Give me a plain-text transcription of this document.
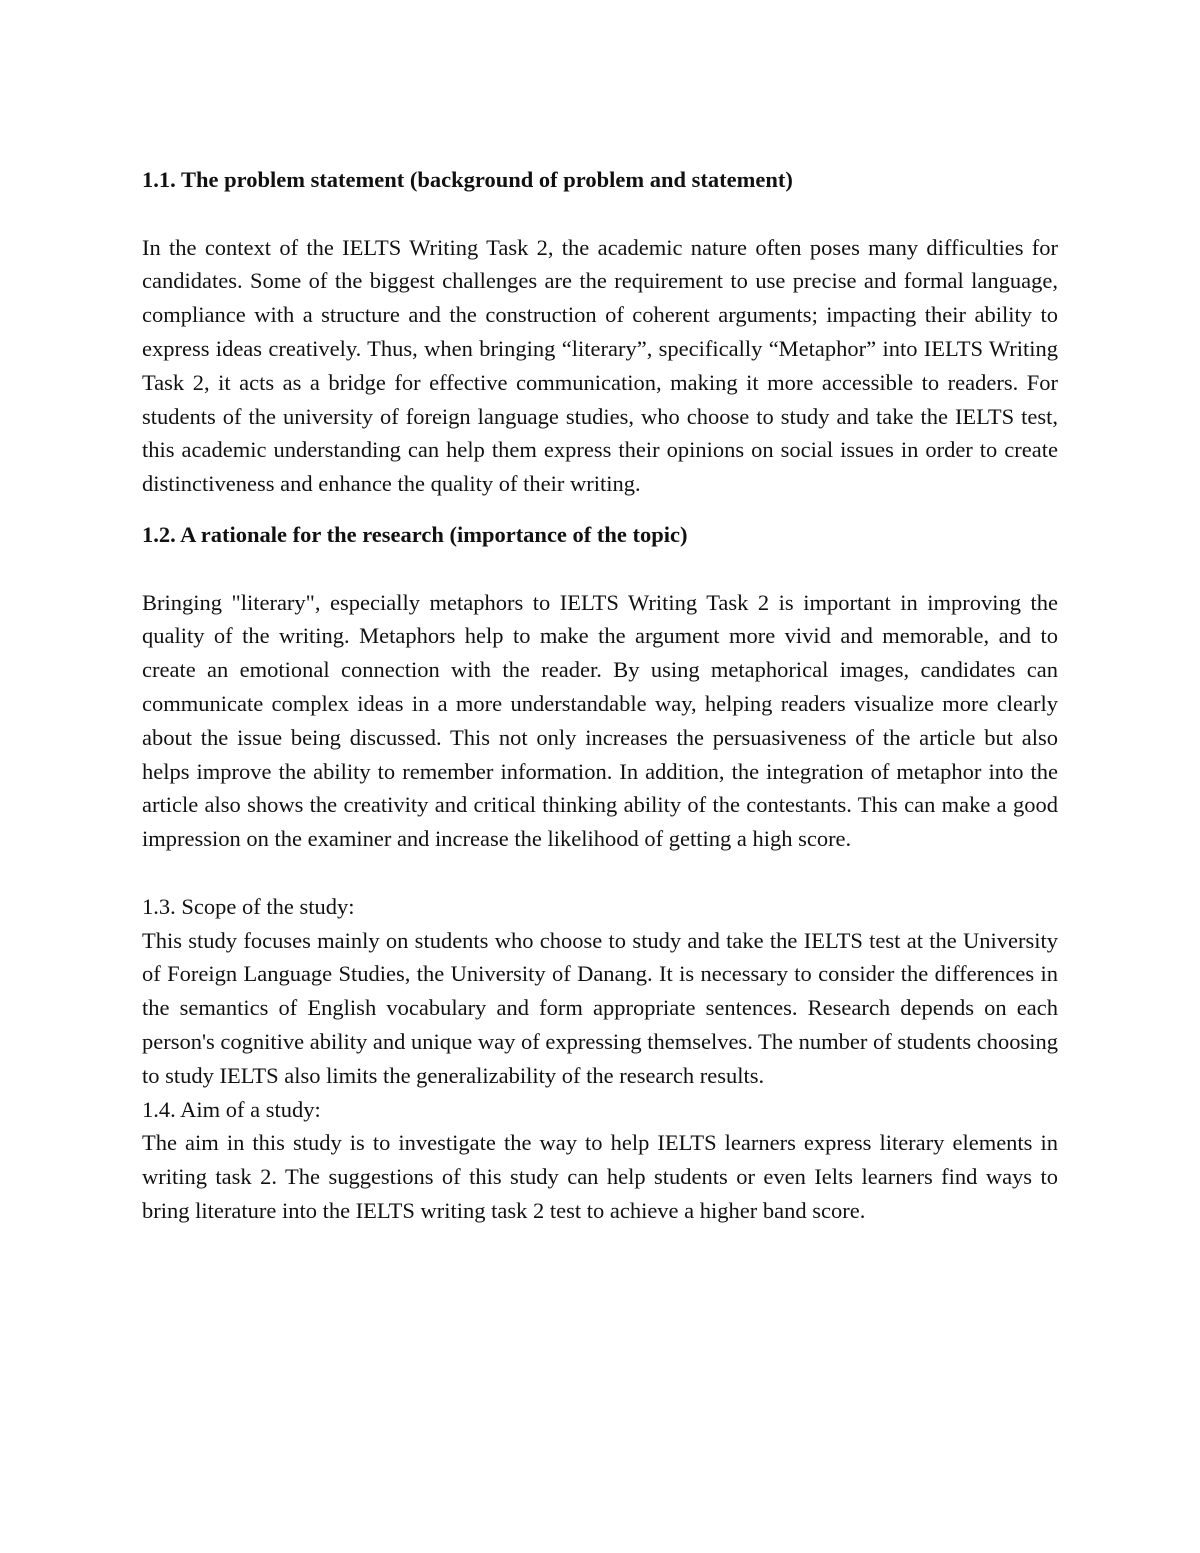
1.1. The problem statement (background of problem and statement)

In the context of the IELTS Writing Task 2, the academic nature often poses many difficulties for candidates. Some of the biggest challenges are the requirement to use precise and formal language, compliance with a structure and the construction of coherent arguments; impacting their ability to express ideas creatively. Thus, when bringing “literary”, specifically “Metaphor” into IELTS Writing Task 2, it acts as a bridge for effective communication, making it more accessible to readers. For students of the university of foreign language studies, who choose to study and take the IELTS test, this academic understanding can help them express their opinions on social issues in order to create distinctiveness and enhance the quality of their writing.

1.2. A rationale for the research (importance of the topic)

Bringing "literary", especially metaphors to IELTS Writing Task 2 is important in improving the quality of the writing. Metaphors help to make the argument more vivid and memorable, and to create an emotional connection with the reader. By using metaphorical images, candidates can communicate complex ideas in a more understandable way, helping readers visualize more clearly about the issue being discussed. This not only increases the persuasiveness of the article but also helps improve the ability to remember information. In addition, the integration of metaphor into the article also shows the creativity and critical thinking ability of the contestants. This can make a good impression on the examiner and increase the likelihood of getting a high score.

1.3. Scope of the study:

This study focuses mainly on students who choose to study and take the IELTS test at the University of Foreign Language Studies, the University of Danang. It is necessary to consider the differences in the semantics of English vocabulary and form appropriate sentences. Research depends on each person's cognitive ability and unique way of expressing themselves. The number of students choosing to study IELTS also limits the generalizability of the research results.

1.4. Aim of a study:

The aim in this study is to investigate the way to help IELTS learners express literary elements in writing task 2. The suggestions of this study can help students or even Ielts learners find ways to bring literature into the IELTS writing task 2 test to achieve a higher band score.
